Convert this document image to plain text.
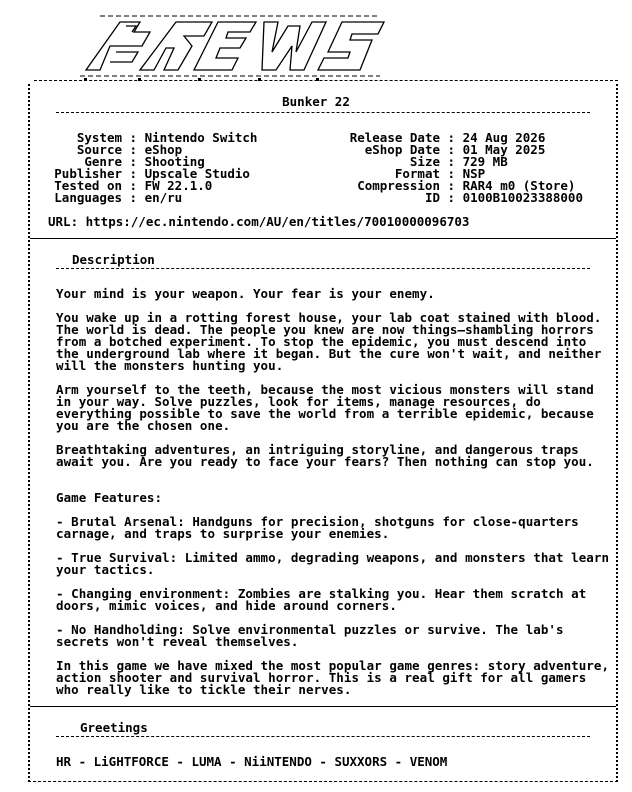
Bunker 22
System : Nintendo Switch
Source : eShop
Genre : Shooting
Publisher : Upscale Studio
Tested on : FW 22.1.0
Languages : en/ru
Release Date : 24 Aug 2026
eShop Date : 01 May 2025
Size : 729 MB
Format : NSP
Compression : RAR4 m0 (Store)
ID : 0100B10023388000
URL: https://ec.nintendo.com/AU/en/titles/70010000096703
Description
Your mind is your weapon. Your fear is your enemy.
You wake up in a rotting forest house, your lab coat stained with blood. The world is dead. The people you knew are now things—shambling horrors from a botched experiment. To stop the epidemic, you must descend into the underground lab where it began. But the cure won't wait, and neither will the monsters hunting you.
Arm yourself to the teeth, because the most vicious monsters will stand in your way. Solve puzzles, look for items, manage resources, do everything possible to save the world from a terrible epidemic, because you are the chosen one.
Breathtaking adventures, an intriguing storyline, and dangerous traps await you. Are you ready to face your fears? Then nothing can stop you.
Game Features:
- Brutal Arsenal: Handguns for precision, shotguns for close-quarters carnage, and traps to surprise your enemies.
- True Survival: Limited ammo, degrading weapons, and monsters that learn your tactics.
- Changing environment: Zombies are stalking you. Hear them scratch at doors, mimic voices, and hide around corners.
- No Handholding: Solve environmental puzzles or survive. The lab's secrets won't reveal themselves.
In this game we have mixed the most popular game genres: story adventure, action shooter and survival horror. This is a real gift for all gamers who really like to tickle their nerves.
Greetings
HR - LiGHTFORCE - LUMA - NiiNTENDO - SUXXORS - VENOM
